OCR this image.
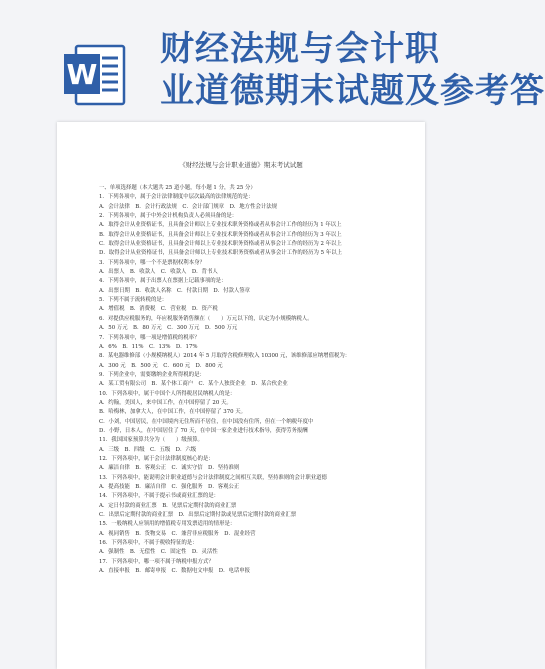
W
财经法规与会计职
业道德期末试题及参考答
《财经法规与会计职业道德》期末考试试题
一、单项选择题（本大题共 25 道小题，每小题 1 分，共 25 分）
1．下列各项中，属于会计法律制度中层次最高的法律规范的是：
A．会计法律　B．会计行政法规　C．会计部门规章　D．地方性会计法规
2．下列各项中，属于中外会计机构负责人必须具备的是：
A．取得会计从业资格证书，且具备会计师以上专业技术职务资格或者从事会计工作的经历为 1 年以上
B．取得会计从业资格证书，且具备会计师以上专业技术职务资格或者从事会计工作的经历为 3 年以上
C．取得会计从业资格证书，且具备会计师以上专业技术职务资格或者从事会计工作的经历为 2 年以上
D．取得会计从业资格证书，且具备会计师以上专业技术职务资格或者从事会计工作的经历为 5 年以上
3．下列各项中，哪一个不是票据权利本身？
A．出票人　B．收款人　C．收款人　D．背书人
4．下列各项中，属于出票人在票据上记载事项的是：
A．出票日期　B．收款人名称　C．付款日期　D．付款人签章
5．下列不属于流转税的是：
A．增值税　B．消费税　C．营业税　D．资产税
6．对提供应税服务的，年应税服务销售额在（　　）万元以下的，认定为小规模纳税人。
A．50 万元　B．80 万元　C．300 万元　D．500 万元
7．下列各项中，哪一项是增值税的税率？
A．6%　B．11%　C．13%　D．17%
8．某电器维修部（小规模纳税人）2014 年 5 月取得含税修理收入 10300 元，该维修部应纳增值税为：
A．300 元　B．500 元　C．600 元　D．800 元
9．下列企业中，需要缴纳企业所得税的是：
A．某工贸有限公司　B．某个体工商户　C．某个人独资企业　D．某合伙企业
10．下列各项中，属于中国个人所得税居民纳税人的是：
A．约翰，美国人，来中国工作，在中国停留了 20 天。
B．哈梅林，加拿大人，在中国工作，在中国停留了 370 天。
C．小刘，中国居民，在中国境内无住所而不居住，在中国没有住所，但在一个纳税年度中
D．小野，日本人，在中国居住了 70 天，在中国一家企业进行技术指导，获得劳务报酬
11．我国国家预算共分为（　　）级预算。
A．三级　B．四级　C．五级　D．六级
12．下列各项中，属于会计法律制度核心的是：
A．廉洁自律　B．客观公正　C．诚实守信　D．坚持准则
13．下列各项中，能说明会计职业道德与会计法律制度之间相互关联，坚持准则的会计职业道德
A．提高技能　B．廉洁自律　C．强化服务　D．客观公正
14．下列各项中，不属于提示书或商业汇票的是：
A．定日付款的商业汇票　B．见票后定期付款的商业汇票
C．出票后定期付款的商业汇票　D．出票后定期付款或见票后定期付款的商业汇票
15．一般纳税人应领用的增值税专用发票适用的情形是：
A．视同销售　B．货物交易　C．兼营非应税服务　D．混业经营
16．下列各项中，不属于税收特征的是：
A．强制性　B．无偿性　C．固定性　D．灵活性
17．下列各项中，哪一项不属于纳税申报方式？
A．直接申报　B．邮寄申报　C．数据电文申报　D．电话申报
